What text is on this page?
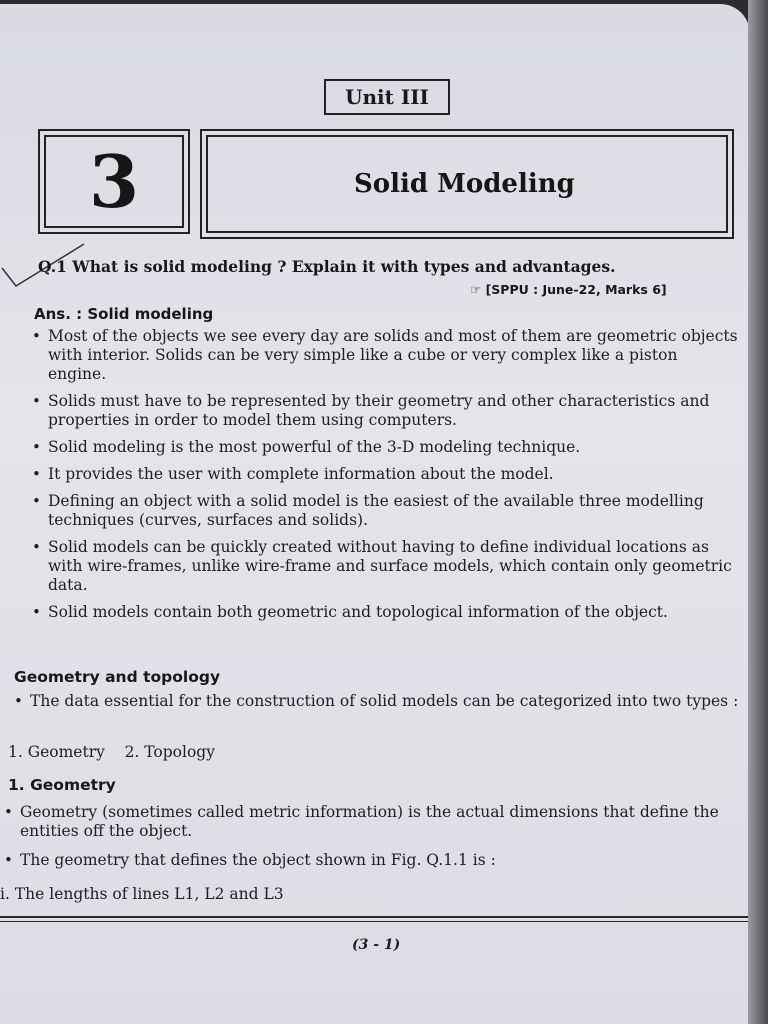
Unit III
3	Solid Modeling
Q.1 What is solid modeling ? Explain it with types and advantages.
☞ [SPPU : June-22, Marks 6]
Ans. : Solid modeling
• Most of the objects we see every day are solids and most of them are geometric objects with interior. Solids can be very simple like a cube or very complex like a piston engine.
• Solids must have to be represented by their geometry and other characteristics and properties in order to model them using computers.
• Solid modeling is the most powerful of the 3-D modeling technique.
• It provides the user with complete information about the model.
• Defining an object with a solid model is the easiest of the available three modelling techniques (curves, surfaces and solids).
• Solid models can be quickly created without having to define individual locations as with wire-frames, unlike wire-frame and surface models, which contain only geometric data.
• Solid models contain both geometric and topological information of the object.
Geometry and topology
• The data essential for the construction of solid models can be categorized into two types :
1. Geometry    2. Topology
1. Geometry
• Geometry (sometimes called metric information) is the actual dimensions that define the entities off the object.
• The geometry that defines the object shown in Fig. Q.1.1 is :
i. The lengths of lines L1, L2 and L3
(3 - 1)
